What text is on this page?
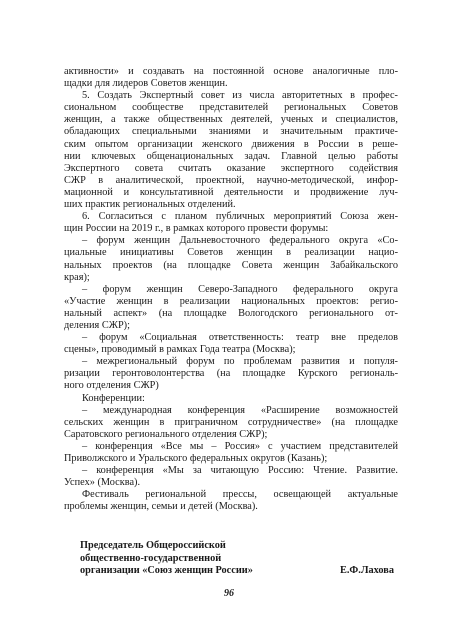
активности» и создавать на постоянной основе аналогичные пло-
щадки для лидеров Советов женщин.
5. Создать Экспертный совет из числа авторитетных в профес-
сиональном сообществе представителей региональных Советов
женщин, а также общественных деятелей, ученых и специалистов,
обладающих специальными знаниями и значительным практиче-
ским опытом организации женского движения в России в реше-
нии ключевых общенациональных задач. Главной целью работы
Экспертного совета считать оказание экспертного содействия
СЖР в аналитической, проектной, научно-методической, инфор-
мационной и консультативной деятельности и продвижение луч-
ших практик региональных отделений.
6. Согласиться с планом публичных мероприятий Союза жен-
щин России на 2019 г., в рамках которого провести форумы:
– форум женщин Дальневосточного федерального округа «Со-
циальные инициативы Советов женщин в реализации нацио-
нальных проектов (на площадке Совета женщин Забайкальского
края);
– форум женщин Северо-Западного федерального округа
«Участие женщин в реализации национальных проектов: регио-
нальный аспект» (на площадке Вологодского регионального от-
деления СЖР);
– форум «Социальная ответственность: театр вне пределов
сцены», проводимый в рамках Года театра (Москва);
– межрегиональный форум по проблемам развития и популя-
ризации геронтоволонтерства (на площадке Курского региональ-
ного отделения СЖР)
Конференции:
– международная конференция «Расширение возможностей
сельских женщин в приграничном сотрудничестве» (на площадке
Саратовского регионального отделения СЖР);
– конференция «Все мы – Россия» с участием представителей
Приволжского и Уральского федеральных округов (Казань);
– конференция «Мы за читающую Россию: Чтение. Развитие.
Успех» (Москва).
Фестиваль региональной прессы, освещающей актуальные
проблемы женщин, семьи и детей (Москва).
Председатель Общероссийской
общественно-государственной
организации «Союз женщин России»	Е.Ф.Лахова
96
